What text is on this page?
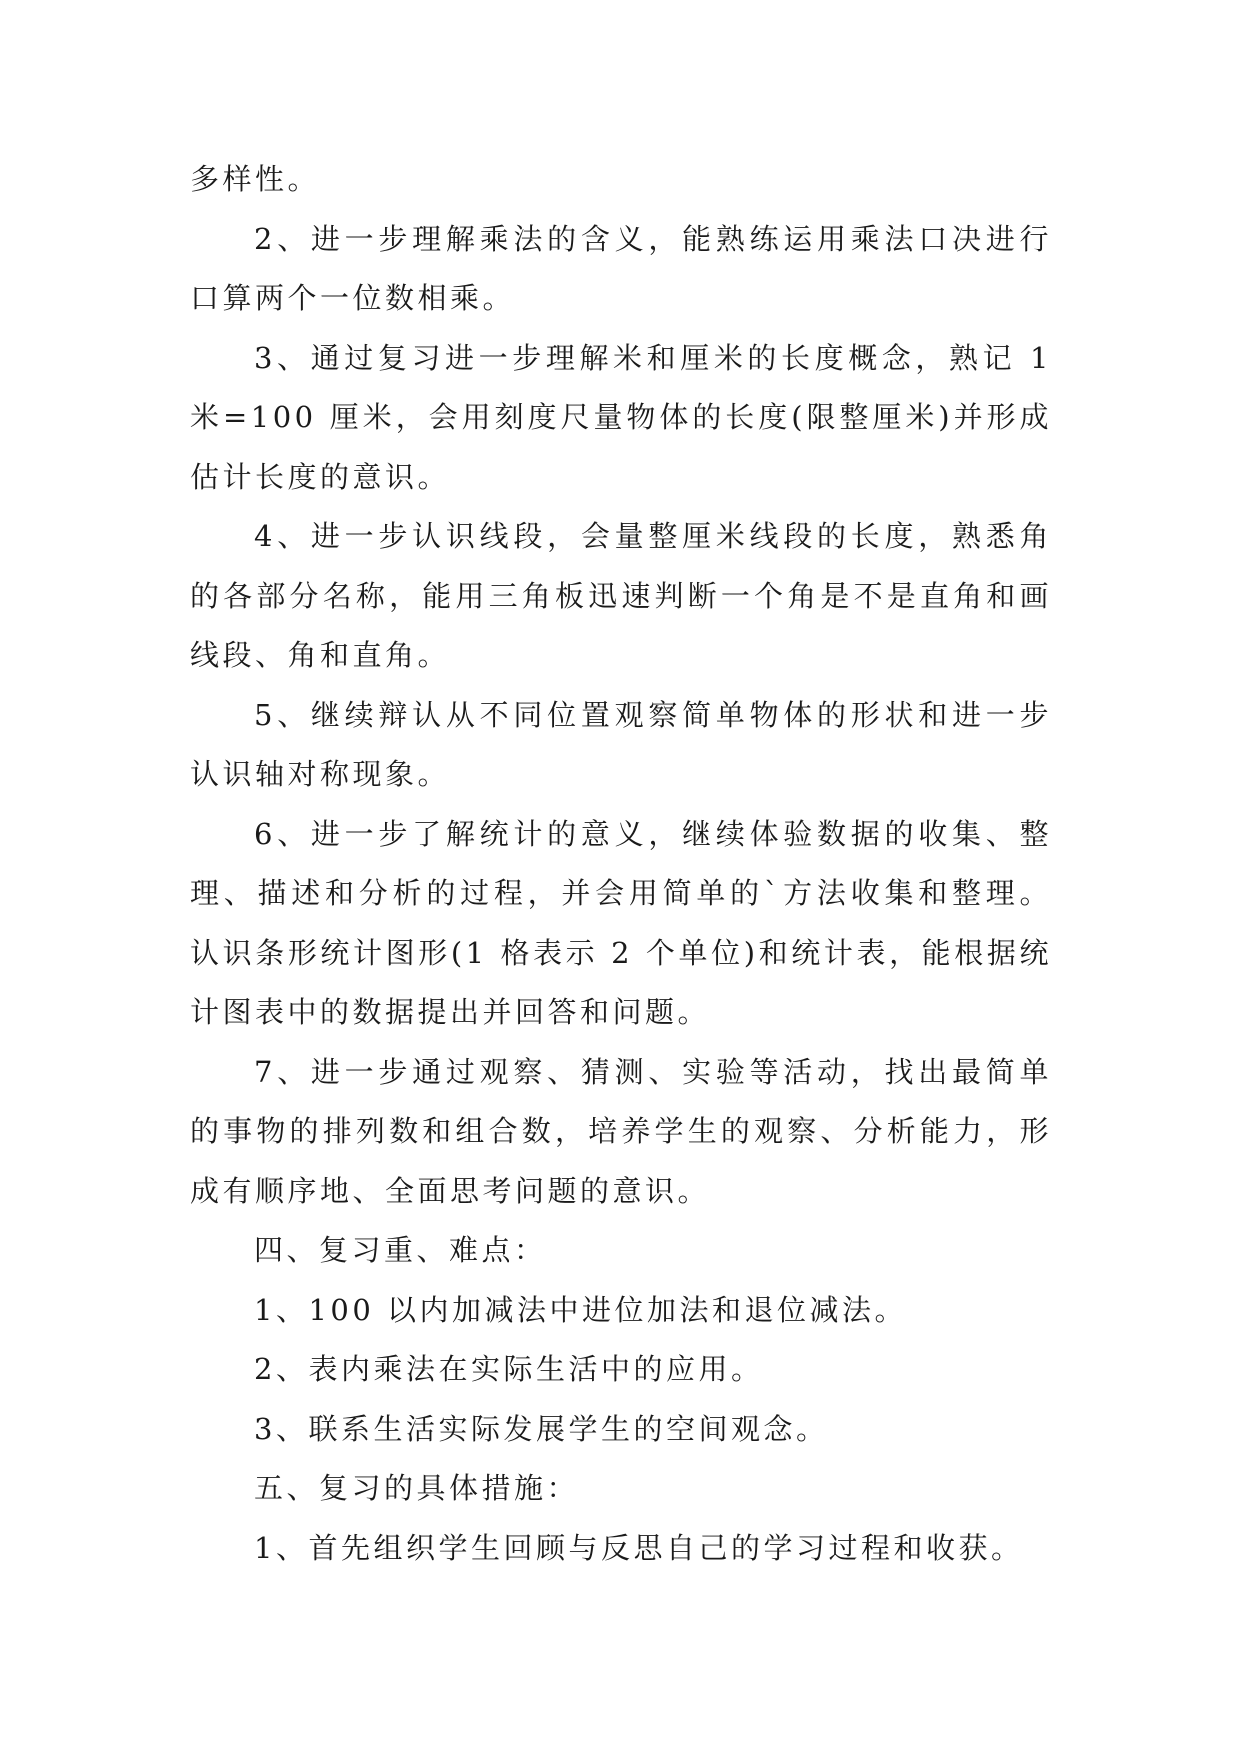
多样性。

2、进一步理解乘法的含义，能熟练运用乘法口决进行口算两个一位数相乘。

3、通过复习进一步理解米和厘米的长度概念，熟记 1 米=100 厘米，会用刻度尺量物体的长度(限整厘米)并形成估计长度的意识。

4、进一步认识线段，会量整厘米线段的长度，熟悉角的各部分名称，能用三角板迅速判断一个角是不是直角和画线段、角和直角。

5、继续辩认从不同位置观察简单物体的形状和进一步认识轴对称现象。

6、进一步了解统计的意义，继续体验数据的收集、整理、描述和分析的过程，并会用简单的`方法收集和整理。认识条形统计图形(1 格表示 2 个单位)和统计表，能根据统计图表中的数据提出并回答和问题。

7、进一步通过观察、猜测、实验等活动，找出最简单的事物的排列数和组合数，培养学生的观察、分析能力，形成有顺序地、全面思考问题的意识。

四、复习重、难点：

1、100 以内加减法中进位加法和退位减法。

2、表内乘法在实际生活中的应用。

3、联系生活实际发展学生的空间观念。

五、复习的具体措施：

1、首先组织学生回顾与反思自己的学习过程和收获。
